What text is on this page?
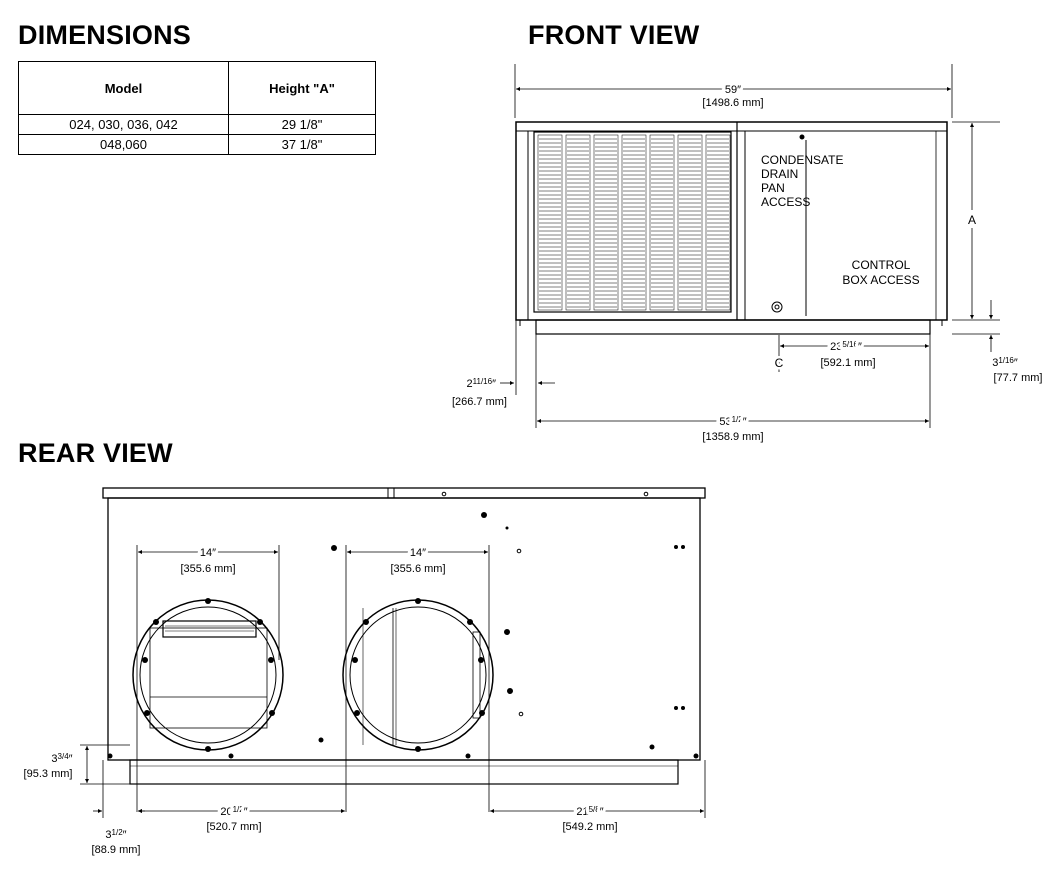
DIMENSIONS	FRONT VIEW
REAR VIEW
Model	Height "A"
024, 030, 036, 042	29 1/8"
048,060	37 1/8"
59″
[1498.6 mm]
CONDENSATE
DRAIN
PAN
ACCESS
CONTROL
BOX ACCESS
A
C
$23^{5/16}''$
[592.1 mm]
$2^{11/16}''$
[266.7 mm]
$3^{1/16}''$
[77.7 mm]
$53^{1/2}''$
[1358.9 mm]
14″
[355.6 mm]
14″
[355.6 mm]
$3^{3/4}''$
[95.3 mm]
$3^{1/2}''$
[88.9 mm]
$20^{1/2}''$
[520.7 mm]
$21^{5/8}''$
[549.2 mm]
